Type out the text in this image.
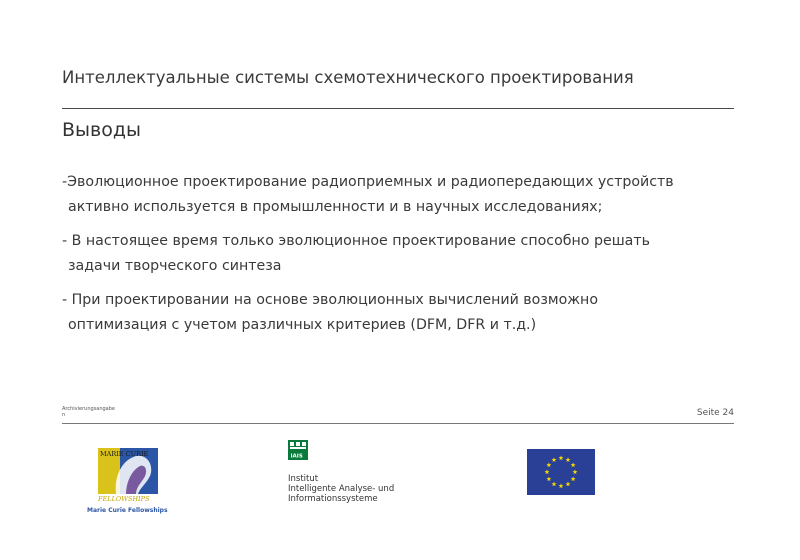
Интеллектуальные системы схемотехнического проектирования
Выводы
-Эволюционное проектирование радиоприемных и радиопередающих устройств
активно используется в промышленности и в научных исследованиях;
- В настоящее время только эволюционное проектирование способно решать
задачи творческого синтеза
- При проектировании на основе эволюционных вычислений возможно
оптимизация с учетом различных критериев (DFM, DFR и т.д.)
Archivierungsangabe
n	Seite 24
MARIE CURIE
FELLOWSHIPS
Marie Curie Fellowships
IAIS
Institut
Intelligente Analyse- und
Informationssysteme
